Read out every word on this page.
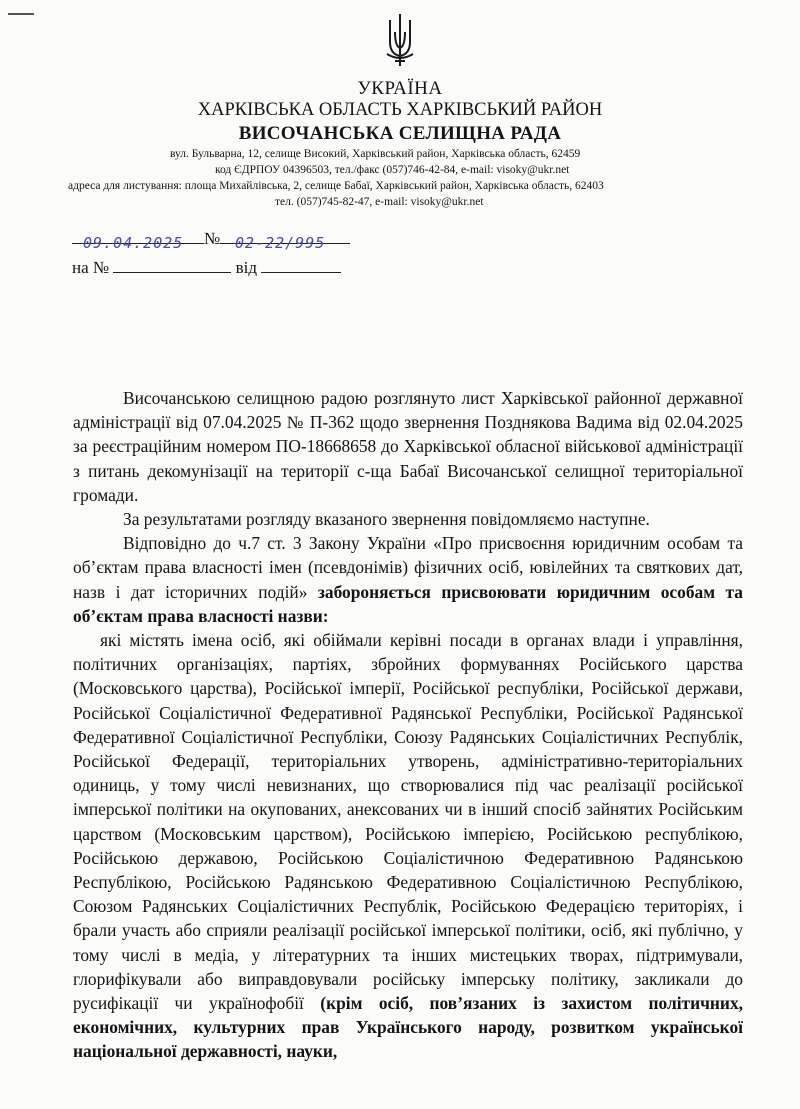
УКРАЇНА
ХАРКІВСЬКА ОБЛАСТЬ ХАРКІВСЬКИЙ РАЙОН
ВИСОЧАНСЬКА СЕЛИЩНА РАДА
вул. Бульварна, 12, селище Високий, Харківський район, Харківська область, 62459
код ЄДРПОУ 04396503, тел./факс (057)746-42-84, e-mail: visoky@ukr.net
адреса для листування: площа Михайлівська, 2, селище Бабаї, Харківський район, Харківська область, 62403
тел. (057)745-82-47, e-mail: visoky@ukr.net
№
09.04.2025	02-22/995
на №	від

Височанською селищною радою розглянуто лист Харківської районної державної адміністрації від 07.04.2025 № П-362 щодо звернення Позднякова Вадима від 02.04.2025 за реєстраційним номером ПО-18668658 до Харківської обласної військової адміністрації з питань декомунізації на території с-ща Бабаї Височанської селищної територіальної громади.

За результатами розгляду вказаного звернення повідомляємо наступне.

Відповідно до ч.7 ст. 3 Закону України «Про присвоєння юридичним особам та об’єктам права власності імен (псевдонімів) фізичних осіб, ювілейних та святкових дат, назв і дат історичних подій» забороняється присвоювати юридичним особам та об’єктам права власності назви:

які містять імена осіб, які обіймали керівні посади в органах влади і управління, політичних організаціях, партіях, збройних формуваннях Російського царства (Московського царства), Російської імперії, Російської республіки, Російської держави, Російської Соціалістичної Федеративної Радянської Республіки, Російської Радянської Федеративної Соціалістичної Республіки, Союзу Радянських Соціалістичних Республік, Російської Федерації, територіальних утворень, адміністративно-територіальних одиниць, у тому числі невизнаних, що створювалися під час реалізації російської імперської політики на окупованих, анексованих чи в інший спосіб зайнятих Російським царством (Московським царством), Російською імперією, Російською республікою, Російською державою, Російською Соціалістичною Федеративною Радянською Республікою, Російською Радянською Федеративною Соціалістичною Республікою, Союзом Радянських Соціалістичних Республік, Російською Федерацією територіях, і брали участь або сприяли реалізації російської імперської політики, осіб, які публічно, у тому числі в медіа, у літературних та інших мистецьких творах, підтримували, глорифікували або виправдовували російську імперську політику, закликали до русифікації чи українофобії (крім осіб, пов’язаних із захистом політичних, економічних, культурних прав Українського народу, розвитком української національної державності, науки,
